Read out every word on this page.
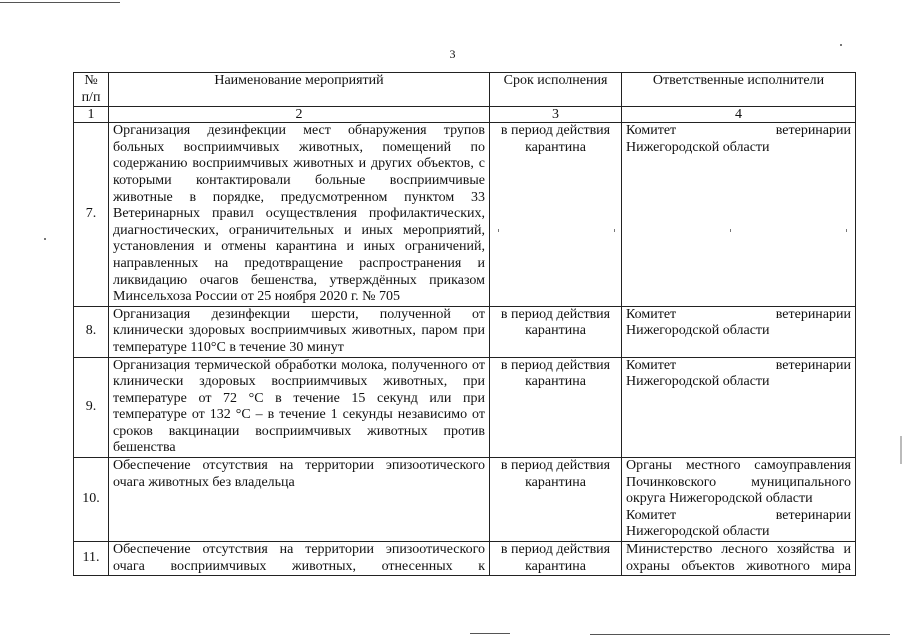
3
№ п/п	Наименование мероприятий	Срок исполнения	Ответственные исполнители
1	2	3	4
7.	Организация дезинфекции мест обнаружения трупов больных восприимчивых животных, помещений по содержанию восприимчивых животных и других объектов, с которыми контактировали больные восприимчивые животные в порядке, предусмотренном пунктом 33 Ветеринарных правил осуществления профилактических, диагностических, ограничительных и иных мероприятий, установления и отмены карантина и иных ограничений, направленных на предотвращение распространения и ликвидацию очагов бешенства, утверждённых приказом Минсельхоза России от 25 ноября 2020 г. № 705	в период действия карантина	Комитет ветеринарии
Нижегородской области

8.	Организация дезинфекции шерсти, полученной от клинически здоровых восприимчивых животных, паром при температуре 110°С в течение 30 минут	в период действия карантина	Комитет ветеринарии
Нижегородской области

9.	Организация термической обработки молока, полученного от клинически здоровых восприимчивых животных, при температуре от 72 °С в течение 15 секунд или при температуре от 132 °С – в течение 1 секунды независимо от сроков вакцинации восприимчивых животных против бешенства	в период действия карантина	Комитет ветеринарии
Нижегородской области

10.	Обеспечение отсутствия на территории эпизоотического очага животных без владельца	в период действия карантина	Органы местного самоуправления
Починковского муниципального
округа Нижегородской области
Комитет ветеринарии
Нижегородской области

11.	Обеспечение отсутствия на территории эпизоотического очага восприимчивых животных, отнесенных к	в период действия карантина	Министерство лесного хозяйства и
охраны объектов животного мира
